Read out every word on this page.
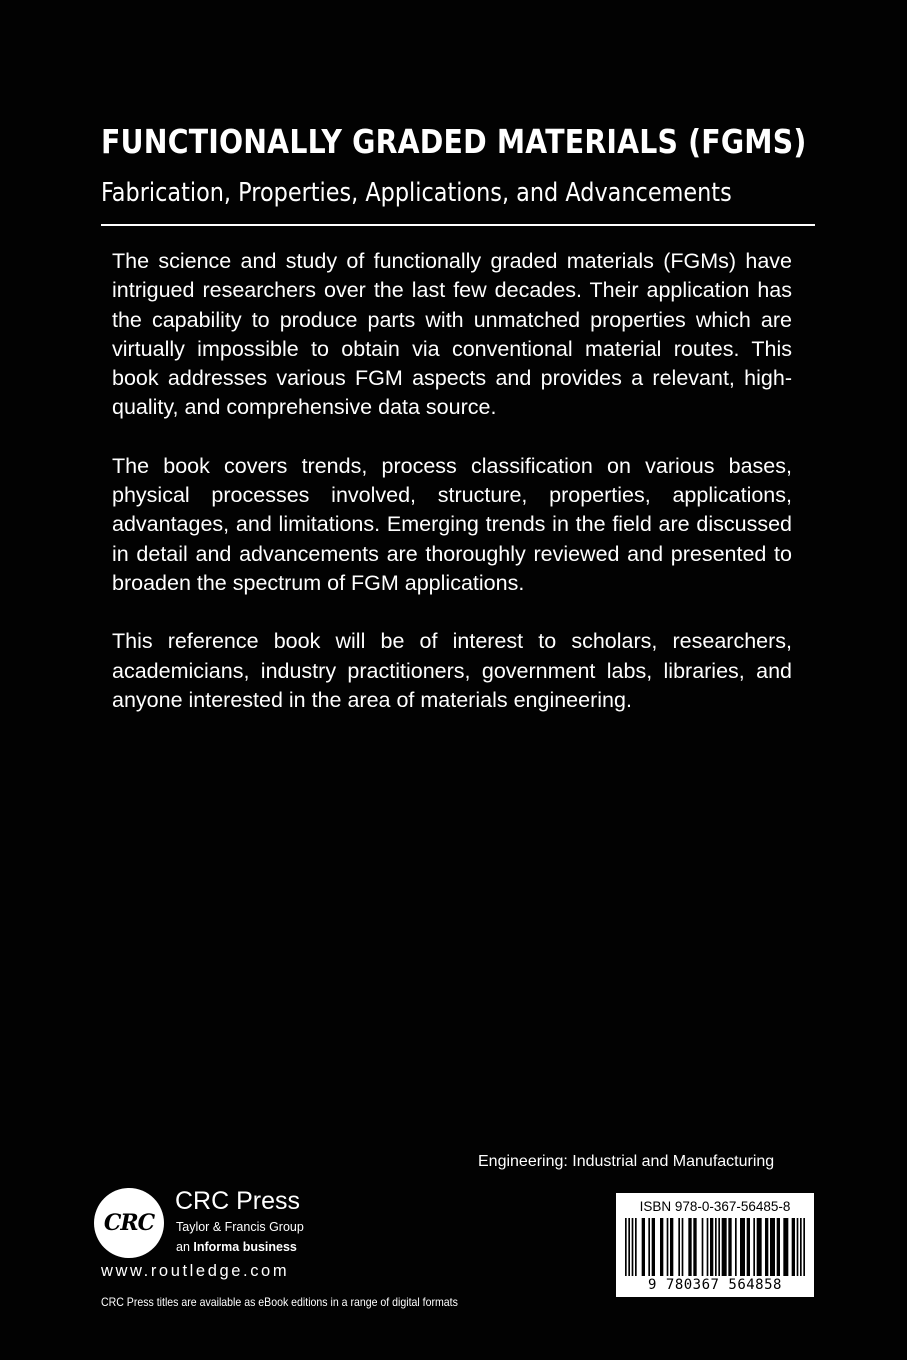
FUNCTIONALLY GRADED MATERIALS (FGMS)
Fabrication, Properties, Applications, and Advancements

The science and study of functionally graded materials (FGMs) have intrigued researchers over the last few decades. Their application has the capability to produce parts with unmatched properties which are virtually impossible to obtain via conventional material routes. This book addresses various FGM aspects and provides a relevant, high-quality, and comprehensive data source.

The book covers trends, process classification on various bases, physical processes involved, structure, properties, applications, advantages, and limitations. Emerging trends in the field are discussed in detail and advancements are thoroughly reviewed and presented to broaden the spectrum of FGM applications.

This reference book will be of interest to scholars, researchers, academicians, industry practitioners, government labs, libraries, and anyone interested in the area of materials engineering.

Engineering: Industrial and Manufacturing
CRC
CRC Press
Taylor & Francis Group
an Informa business
www.routledge.com
CRC Press titles are available as eBook editions in a range of digital formats
ISBN 978-0-367-56485-8
9 780367 564858
